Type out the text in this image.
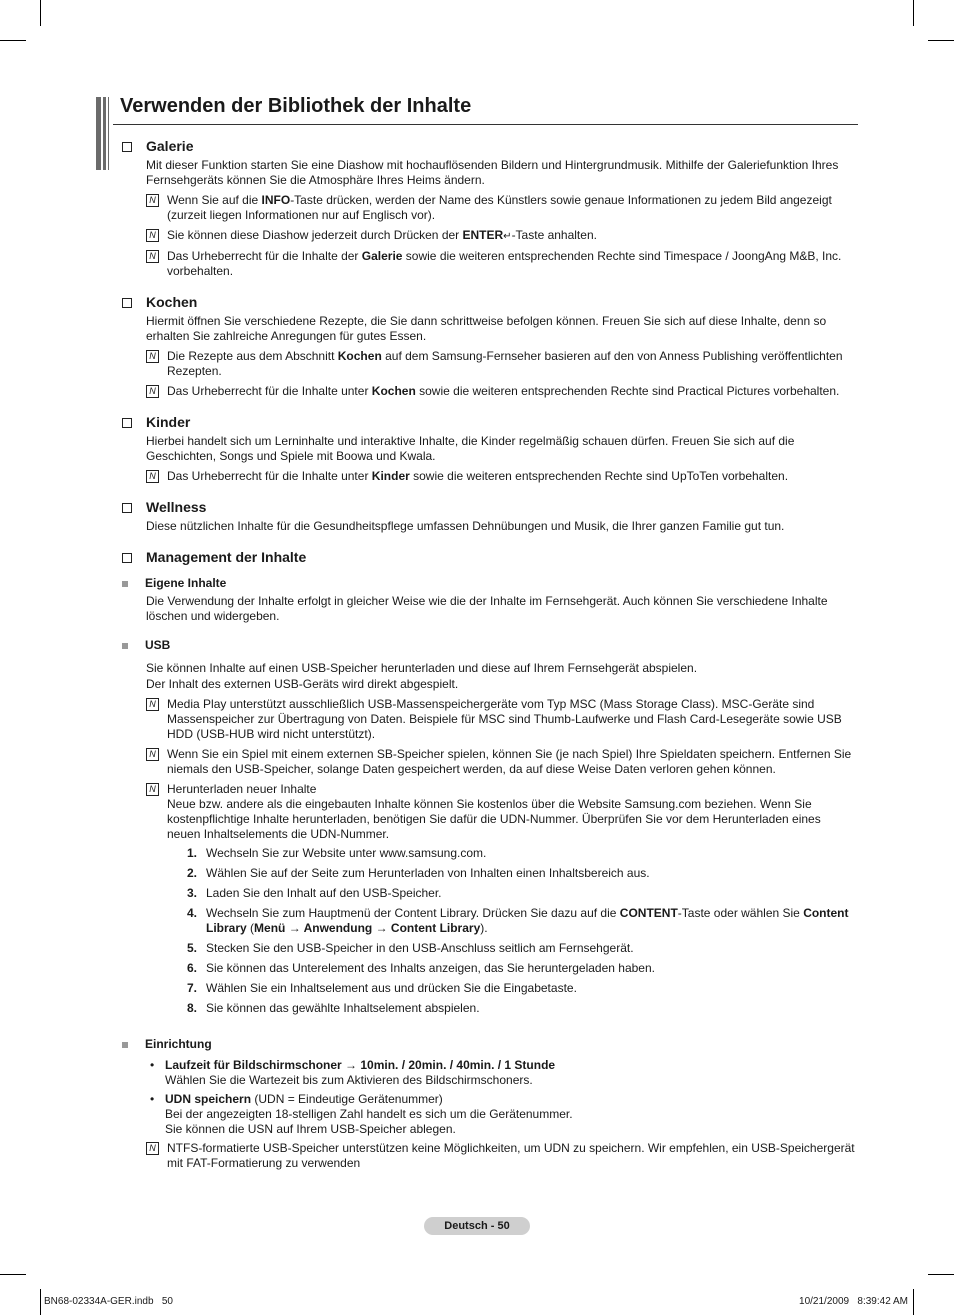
Verwenden der Bibliothek der Inhalte
Galerie

Mit dieser Funktion starten Sie eine Diashow mit hochauflösenden Bildern und Hintergrundmusik. Mithilfe der Galeriefunktion Ihres Fernsehgeräts können Sie die Atmosphäre Ihres Heims ändern.

N Wenn Sie auf die INFO-Taste drücken, werden der Name des Künstlers sowie genaue Informationen zu jedem Bild angezeigt (zurzeit liegen Informationen nur auf Englisch vor).
N Sie können diese Diashow jederzeit durch Drücken der ENTER↵-Taste anhalten.
N Das Urheberrecht für die Inhalte der Galerie sowie die weiteren entsprechenden Rechte sind Timespace / JoongAng M&B, Inc. vorbehalten.
Kochen

Hiermit öffnen Sie verschiedene Rezepte, die Sie dann schrittweise befolgen können. Freuen Sie sich auf diese Inhalte, denn so erhalten Sie zahlreiche Anregungen für gutes Essen.

N Die Rezepte aus dem Abschnitt Kochen auf dem Samsung-Fernseher basieren auf den von Anness Publishing veröffentlichten Rezepten.
N Das Urheberrecht für die Inhalte unter Kochen sowie die weiteren entsprechenden Rechte sind Practical Pictures vorbehalten.
Kinder

Hierbei handelt sich um Lerninhalte und interaktive Inhalte, die Kinder regelmäßig schauen dürfen. Freuen Sie sich auf die Geschichten, Songs und Spiele mit Boowa und Kwala.

N Das Urheberrecht für die Inhalte unter Kinder sowie die weiteren entsprechenden Rechte sind UpToTen vorbehalten.
Wellness

Diese nützlichen Inhalte für die Gesundheitspflege umfassen Dehnübungen und Musik, die Ihrer ganzen Familie gut tun.

Management der Inhalte
Eigene Inhalte

Die Verwendung der Inhalte erfolgt in gleicher Weise wie die der Inhalte im Fernsehgerät. Auch können Sie verschiedene Inhalte löschen und widergeben.

USB

Sie können Inhalte auf einen USB-Speicher herunterladen und diese auf Ihrem Fernsehgerät abspielen.

Der Inhalt des externen USB-Geräts wird direkt abgespielt.

N Media Play unterstützt ausschließlich USB-Massenspeichergeräte vom Typ MSC (Mass Storage Class). MSC-Geräte sind Massenspeicher zur Übertragung von Daten. Beispiele für MSC sind Thumb-Laufwerke und Flash Card-Lesegeräte sowie USB HDD (USB-HUB wird nicht unterstützt).
N Wenn Sie ein Spiel mit einem externen SB-Speicher spielen, können Sie (je nach Spiel) Ihre Spieldaten speichern. Entfernen Sie niemals den USB-Speicher, solange Daten gespeichert werden, da auf diese Weise Daten verloren gehen können.
N Herunterladen neuer Inhalte
Neue bzw. andere als die eingebauten Inhalte können Sie kostenlos über die Website Samsung.com beziehen. Wenn Sie kostenpflichtige Inhalte herunterladen, benötigen Sie dafür die UDN-Nummer. Überprüfen Sie vor dem Herunterladen eines neuen Inhaltselements die UDN-Nummer.
1. Wechseln Sie zur Website unter www.samsung.com.
2. Wählen Sie auf der Seite zum Herunterladen von Inhalten einen Inhaltsbereich aus.
3. Laden Sie den Inhalt auf den USB-Speicher.
4. Wechseln Sie zum Hauptmenü der Content Library. Drücken Sie dazu auf die CONTENT-Taste oder wählen Sie Content Library (Menü → Anwendung → Content Library).
5. Stecken Sie den USB-Speicher in den USB-Anschluss seitlich am Fernsehgerät.
6. Sie können das Unterelement des Inhalts anzeigen, das Sie heruntergeladen haben.
7. Wählen Sie ein Inhaltselement aus und drücken Sie die Eingabetaste.
8. Sie können das gewählte Inhaltselement abspielen.
Einrichtung
• Laufzeit für Bildschirmschoner → 10min. / 20min. / 40min. / 1 Stunde
Wählen Sie die Wartezeit bis zum Aktivieren des Bildschirmschoners.
• UDN speichern (UDN = Eindeutige Gerätenummer)
Bei der angezeigten 18-stelligen Zahl handelt es sich um die Gerätenummer.
Sie können die USN auf Ihrem USB-Speicher ablegen.
N NTFS-formatierte USB-Speicher unterstützen keine Möglichkeiten, um UDN zu speichern. Wir empfehlen, ein USB-Speichergerät mit FAT-Formatierung zu verwenden
Deutsch - 50
BN68-02334A-GER.indb   50	10/21/2009   8:39:42 AM
